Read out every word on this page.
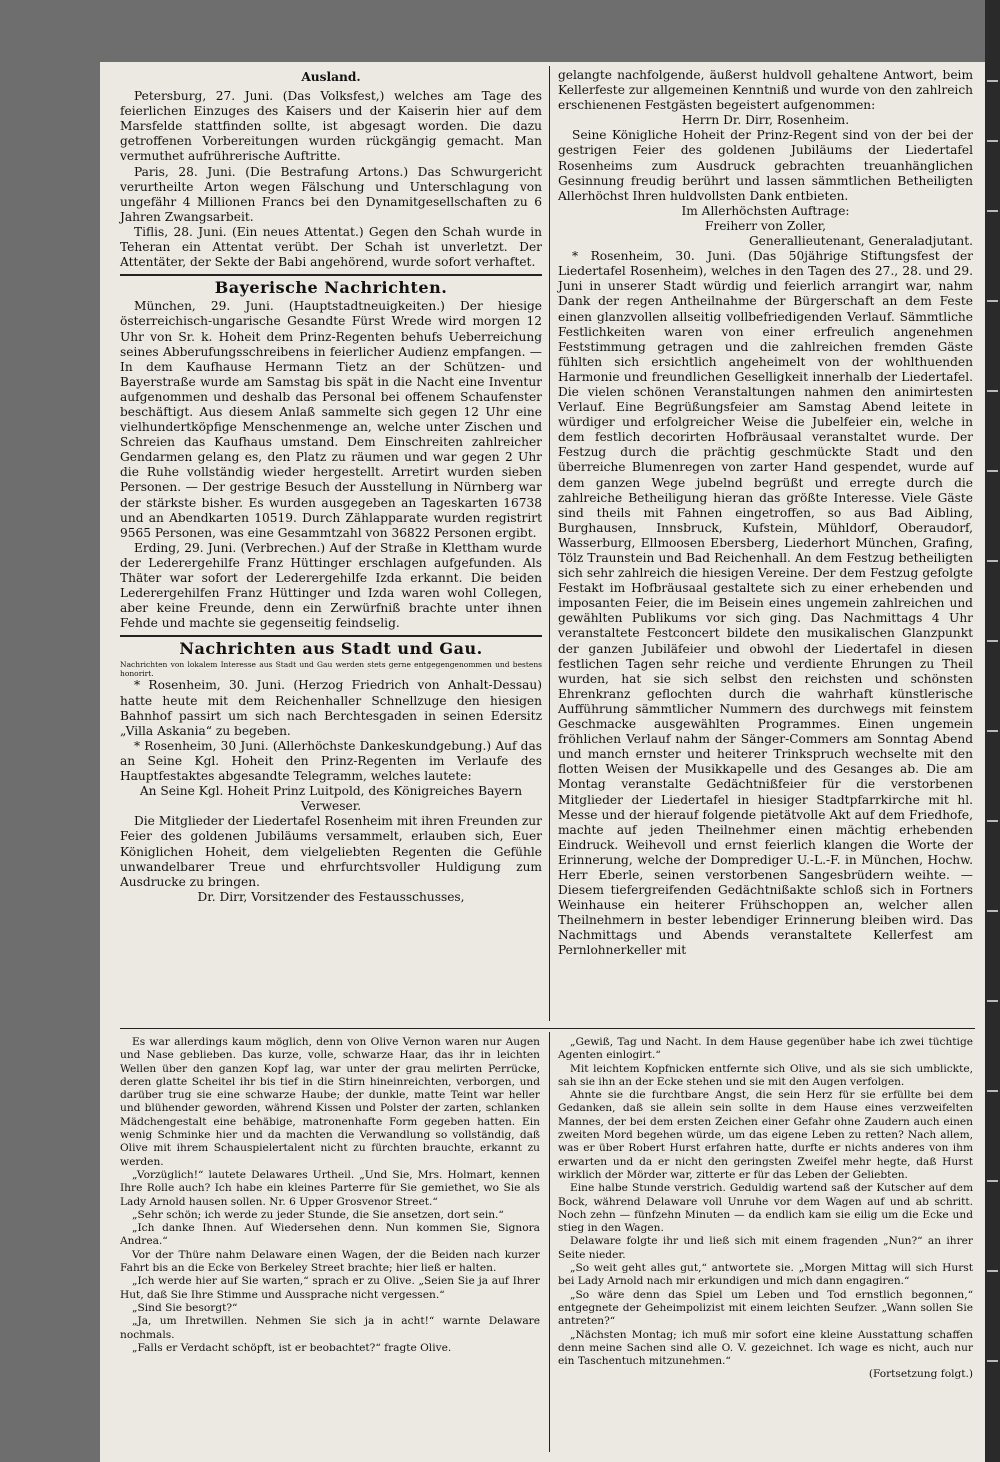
Ausland.

Petersburg, 27. Juni. (Das Volksfest,) welches am Tage des feierlichen Einzuges des Kaisers und der Kaiserin hier auf dem Marsfelde stattfinden sollte, ist abgesagt worden. Die dazu getroffenen Vorbereitungen wurden rückgängig gemacht. Man vermuthet aufrührerische Auftritte.

Paris, 28. Juni. (Die Bestrafung Artons.) Das Schwurgericht verurtheilte Arton wegen Fälschung und Unterschlagung von ungefähr 4 Millionen Francs bei den Dynamitgesellschaften zu 6 Jahren Zwangsarbeit.

Tiflis, 28. Juni. (Ein neues Attentat.) Gegen den Schah wurde in Teheran ein Attentat verübt. Der Schah ist unverletzt. Der Attentäter, der Sekte der Babi angehörend, wurde sofort verhaftet.

Bayerische Nachrichten.

München, 29. Juni. (Hauptstadtneuigkeiten.) Der hiesige österreichisch-ungarische Gesandte Fürst Wrede wird morgen 12 Uhr von Sr. k. Hoheit dem Prinz-Regenten behufs Ueberreichung seines Abberufungsschreibens in feierlicher Audienz empfangen. — In dem Kaufhause Hermann Tietz an der Schützen- und Bayerstraße wurde am Samstag bis spät in die Nacht eine Inventur aufgenommen und deshalb das Personal bei offenem Schaufenster beschäftigt. Aus diesem Anlaß sammelte sich gegen 12 Uhr eine vielhundertköpfige Menschenmenge an, welche unter Zischen und Schreien das Kaufhaus umstand. Dem Einschreiten zahlreicher Gendarmen gelang es, den Platz zu räumen und war gegen 2 Uhr die Ruhe vollständig wieder hergestellt. Arretirt wurden sieben Personen. — Der gestrige Besuch der Ausstellung in Nürnberg war der stärkste bisher. Es wurden ausgegeben an Tageskarten 16738 und an Abendkarten 10519. Durch Zählapparate wurden registrirt 9565 Personen, was eine Gesammtzahl von 36822 Personen ergibt.

Erding, 29. Juni. (Verbrechen.) Auf der Straße in Klettham wurde der Lederergehilfe Franz Hüttinger erschlagen aufgefunden. Als Thäter war sofort der Lederergehilfe Izda erkannt. Die beiden Lederergehilfen Franz Hüttinger und Izda waren wohl Collegen, aber keine Freunde, denn ein Zerwürfniß brachte unter ihnen Fehde und machte sie gegenseitig feindselig.

Nachrichten aus Stadt und Gau.

Nachrichten von lokalem Interesse aus Stadt und Gau werden stets gerne entgegengenommen und bestens honorirt.

* Rosenheim, 30. Juni. (Herzog Friedrich von Anhalt-Dessau) hatte heute mit dem Reichenhaller Schnellzuge den hiesigen Bahnhof passirt um sich nach Berchtesgaden in seinen Edersitz „Villa Askania“ zu begeben.

* Rosenheim, 30 Juni. (Allerhöchste Dankeskundgebung.) Auf das an Seine Kgl. Hoheit den Prinz-Regenten im Verlaufe des Hauptfestaktes abgesandte Telegramm, welches lautete:

An Seine Kgl. Hoheit Prinz Luitpold, des Königreiches Bayern Verweser.

Die Mitglieder der Liedertafel Rosenheim mit ihren Freunden zur Feier des goldenen Jubiläums versammelt, erlauben sich, Euer Königlichen Hoheit, dem vielgeliebten Regenten die Gefühle unwandelbarer Treue und ehrfurchtsvoller Huldigung zum Ausdrucke zu bringen.

Dr. Dirr, Vorsitzender des Festausschusses,

gelangte nachfolgende, äußerst huldvoll gehaltene Antwort, beim Kellerfeste zur allgemeinen Kenntniß und wurde von den zahlreich erschienenen Festgästen begeistert aufgenommen:

Herrn Dr. Dirr, Rosenheim.

Seine Königliche Hoheit der Prinz-Regent sind von der bei der gestrigen Feier des goldenen Jubiläums der Liedertafel Rosenheims zum Ausdruck gebrachten treuanhänglichen Gesinnung freudig berührt und lassen sämmtlichen Betheiligten Allerhöchst Ihren huldvollsten Dank entbieten.

Im Allerhöchsten Auftrage:

Freiherr von Zoller,

Generallieutenant, Generaladjutant.

* Rosenheim, 30. Juni. (Das 50jährige Stiftungsfest der Liedertafel Rosenheim), welches in den Tagen des 27., 28. und 29. Juni in unserer Stadt würdig und feierlich arrangirt war, nahm Dank der regen Antheilnahme der Bürgerschaft an dem Feste einen glanzvollen allseitig vollbefriedigenden Verlauf. Sämmtliche Festlichkeiten waren von einer erfreulich angenehmen Feststimmung getragen und die zahlreichen fremden Gäste fühlten sich ersichtlich angeheimelt von der wohlthuenden Harmonie und freundlichen Geselligkeit innerhalb der Liedertafel. Die vielen schönen Veranstaltungen nahmen den animirtesten Verlauf. Eine Begrüßungsfeier am Samstag Abend leitete in würdiger und erfolgreicher Weise die Jubelfeier ein, welche in dem festlich decorirten Hofbräusaal veranstaltet wurde. Der Festzug durch die prächtig geschmückte Stadt und den überreiche Blumenregen von zarter Hand gespendet, wurde auf dem ganzen Wege jubelnd begrüßt und erregte durch die zahlreiche Betheiligung hieran das größte Interesse. Viele Gäste sind theils mit Fahnen eingetroffen, so aus Bad Aibling, Burghausen, Innsbruck, Kufstein, Mühldorf, Oberaudorf, Wasserburg, Ellmoosen Ebersberg, Liederhort München, Grafing, Tölz Traunstein und Bad Reichenhall. An dem Festzug betheiligten sich sehr zahlreich die hiesigen Vereine. Der dem Festzug gefolgte Festakt im Hofbräusaal gestaltete sich zu einer erhebenden und imposanten Feier, die im Beisein eines ungemein zahlreichen und gewählten Publikums vor sich ging. Das Nachmittags 4 Uhr veranstaltete Festconcert bildete den musikalischen Glanzpunkt der ganzen Jubiläfeier und obwohl der Liedertafel in diesen festlichen Tagen sehr reiche und verdiente Ehrungen zu Theil wurden, hat sie sich selbst den reichsten und schönsten Ehrenkranz geflochten durch die wahrhaft künstlerische Aufführung sämmtlicher Nummern des durchwegs mit feinstem Geschmacke ausgewählten Programmes. Einen ungemein fröhlichen Verlauf nahm der Sänger-Commers am Sonntag Abend und manch ernster und heiterer Trinkspruch wechselte mit den flotten Weisen der Musikkapelle und des Gesanges ab. Die am Montag veranstalte Gedächtnißfeier für die verstorbenen Mitglieder der Liedertafel in hiesiger Stadtpfarrkirche mit hl. Messe und der hierauf folgende pietätvolle Akt auf dem Friedhofe, machte auf jeden Theilnehmer einen mächtig erhebenden Eindruck. Weihevoll und ernst feierlich klangen die Worte der Erinnerung, welche der Domprediger U.-L.-F. in München, Hochw. Herr Eberle, seinen verstorbenen Sangesbrüdern weihte. — Diesem tiefergreifenden Gedächtnißakte schloß sich in Fortners Weinhause ein heiterer Frühschoppen an, welcher allen Theilnehmern in bester lebendiger Erinnerung bleiben wird. Das Nachmittags und Abends veranstaltete Kellerfest am Pernlohnerkeller mit

Es war allerdings kaum möglich, denn von Olive Vernon waren nur Augen und Nase geblieben. Das kurze, volle, schwarze Haar, das ihr in leichten Wellen über den ganzen Kopf lag, war unter der grau melirten Perrücke, deren glatte Scheitel ihr bis tief in die Stirn hineinreichten, verborgen, und darüber trug sie eine schwarze Haube; der dunkle, matte Teint war heller und blühender geworden, während Kissen und Polster der zarten, schlanken Mädchengestalt eine behäbige, matronenhafte Form gegeben hatten. Ein wenig Schminke hier und da machten die Verwandlung so vollständig, daß Olive mit ihrem Schauspielertalent nicht zu fürchten brauchte, erkannt zu werden.

„Vorzüglich!“ lautete Delawares Urtheil. „Und Sie, Mrs. Holmart, kennen Ihre Rolle auch? Ich habe ein kleines Parterre für Sie gemiethet, wo Sie als Lady Arnold hausen sollen. Nr. 6 Upper Grosvenor Street.“

„Sehr schön; ich werde zu jeder Stunde, die Sie ansetzen, dort sein.“

„Ich danke Ihnen. Auf Wiedersehen denn. Nun kommen Sie, Signora Andrea.“

Vor der Thüre nahm Delaware einen Wagen, der die Beiden nach kurzer Fahrt bis an die Ecke von Berkeley Street brachte; hier ließ er halten.

„Ich werde hier auf Sie warten,“ sprach er zu Olive. „Seien Sie ja auf Ihrer Hut, daß Sie Ihre Stimme und Aussprache nicht vergessen.“

„Sind Sie besorgt?“

„Ja, um Ihretwillen. Nehmen Sie sich ja in acht!“ warnte Delaware nochmals.

„Falls er Verdacht schöpft, ist er beobachtet?“ fragte Olive.

„Gewiß, Tag und Nacht. In dem Hause gegenüber habe ich zwei tüchtige Agenten einlogirt.“

Mit leichtem Kopfnicken entfernte sich Olive, und als sie sich umblickte, sah sie ihn an der Ecke stehen und sie mit den Augen verfolgen.

Ahnte sie die furchtbare Angst, die sein Herz für sie erfüllte bei dem Gedanken, daß sie allein sein sollte in dem Hause eines verzweifelten Mannes, der bei dem ersten Zeichen einer Gefahr ohne Zaudern auch einen zweiten Mord begehen würde, um das eigene Leben zu retten? Nach allem, was er über Robert Hurst erfahren hatte, durfte er nichts anderes von ihm erwarten und da er nicht den geringsten Zweifel mehr hegte, daß Hurst wirklich der Mörder war, zitterte er für das Leben der Geliebten.

Eine halbe Stunde verstrich. Geduldig wartend saß der Kutscher auf dem Bock, während Delaware voll Unruhe vor dem Wagen auf und ab schritt. Noch zehn — fünfzehn Minuten — da endlich kam sie eilig um die Ecke und stieg in den Wagen.

Delaware folgte ihr und ließ sich mit einem fragenden „Nun?“ an ihrer Seite nieder.

„So weit geht alles gut,“ antwortete sie. „Morgen Mittag will sich Hurst bei Lady Arnold nach mir erkundigen und mich dann engagiren.“

„So wäre denn das Spiel um Leben und Tod ernstlich begonnen,“ entgegnete der Geheimpolizist mit einem leichten Seufzer. „Wann sollen Sie antreten?“

„Nächsten Montag; ich muß mir sofort eine kleine Ausstattung schaffen denn meine Sachen sind alle O. V. gezeichnet. Ich wage es nicht, auch nur ein Taschentuch mitzunehmen.“

(Fortsetzung folgt.)
